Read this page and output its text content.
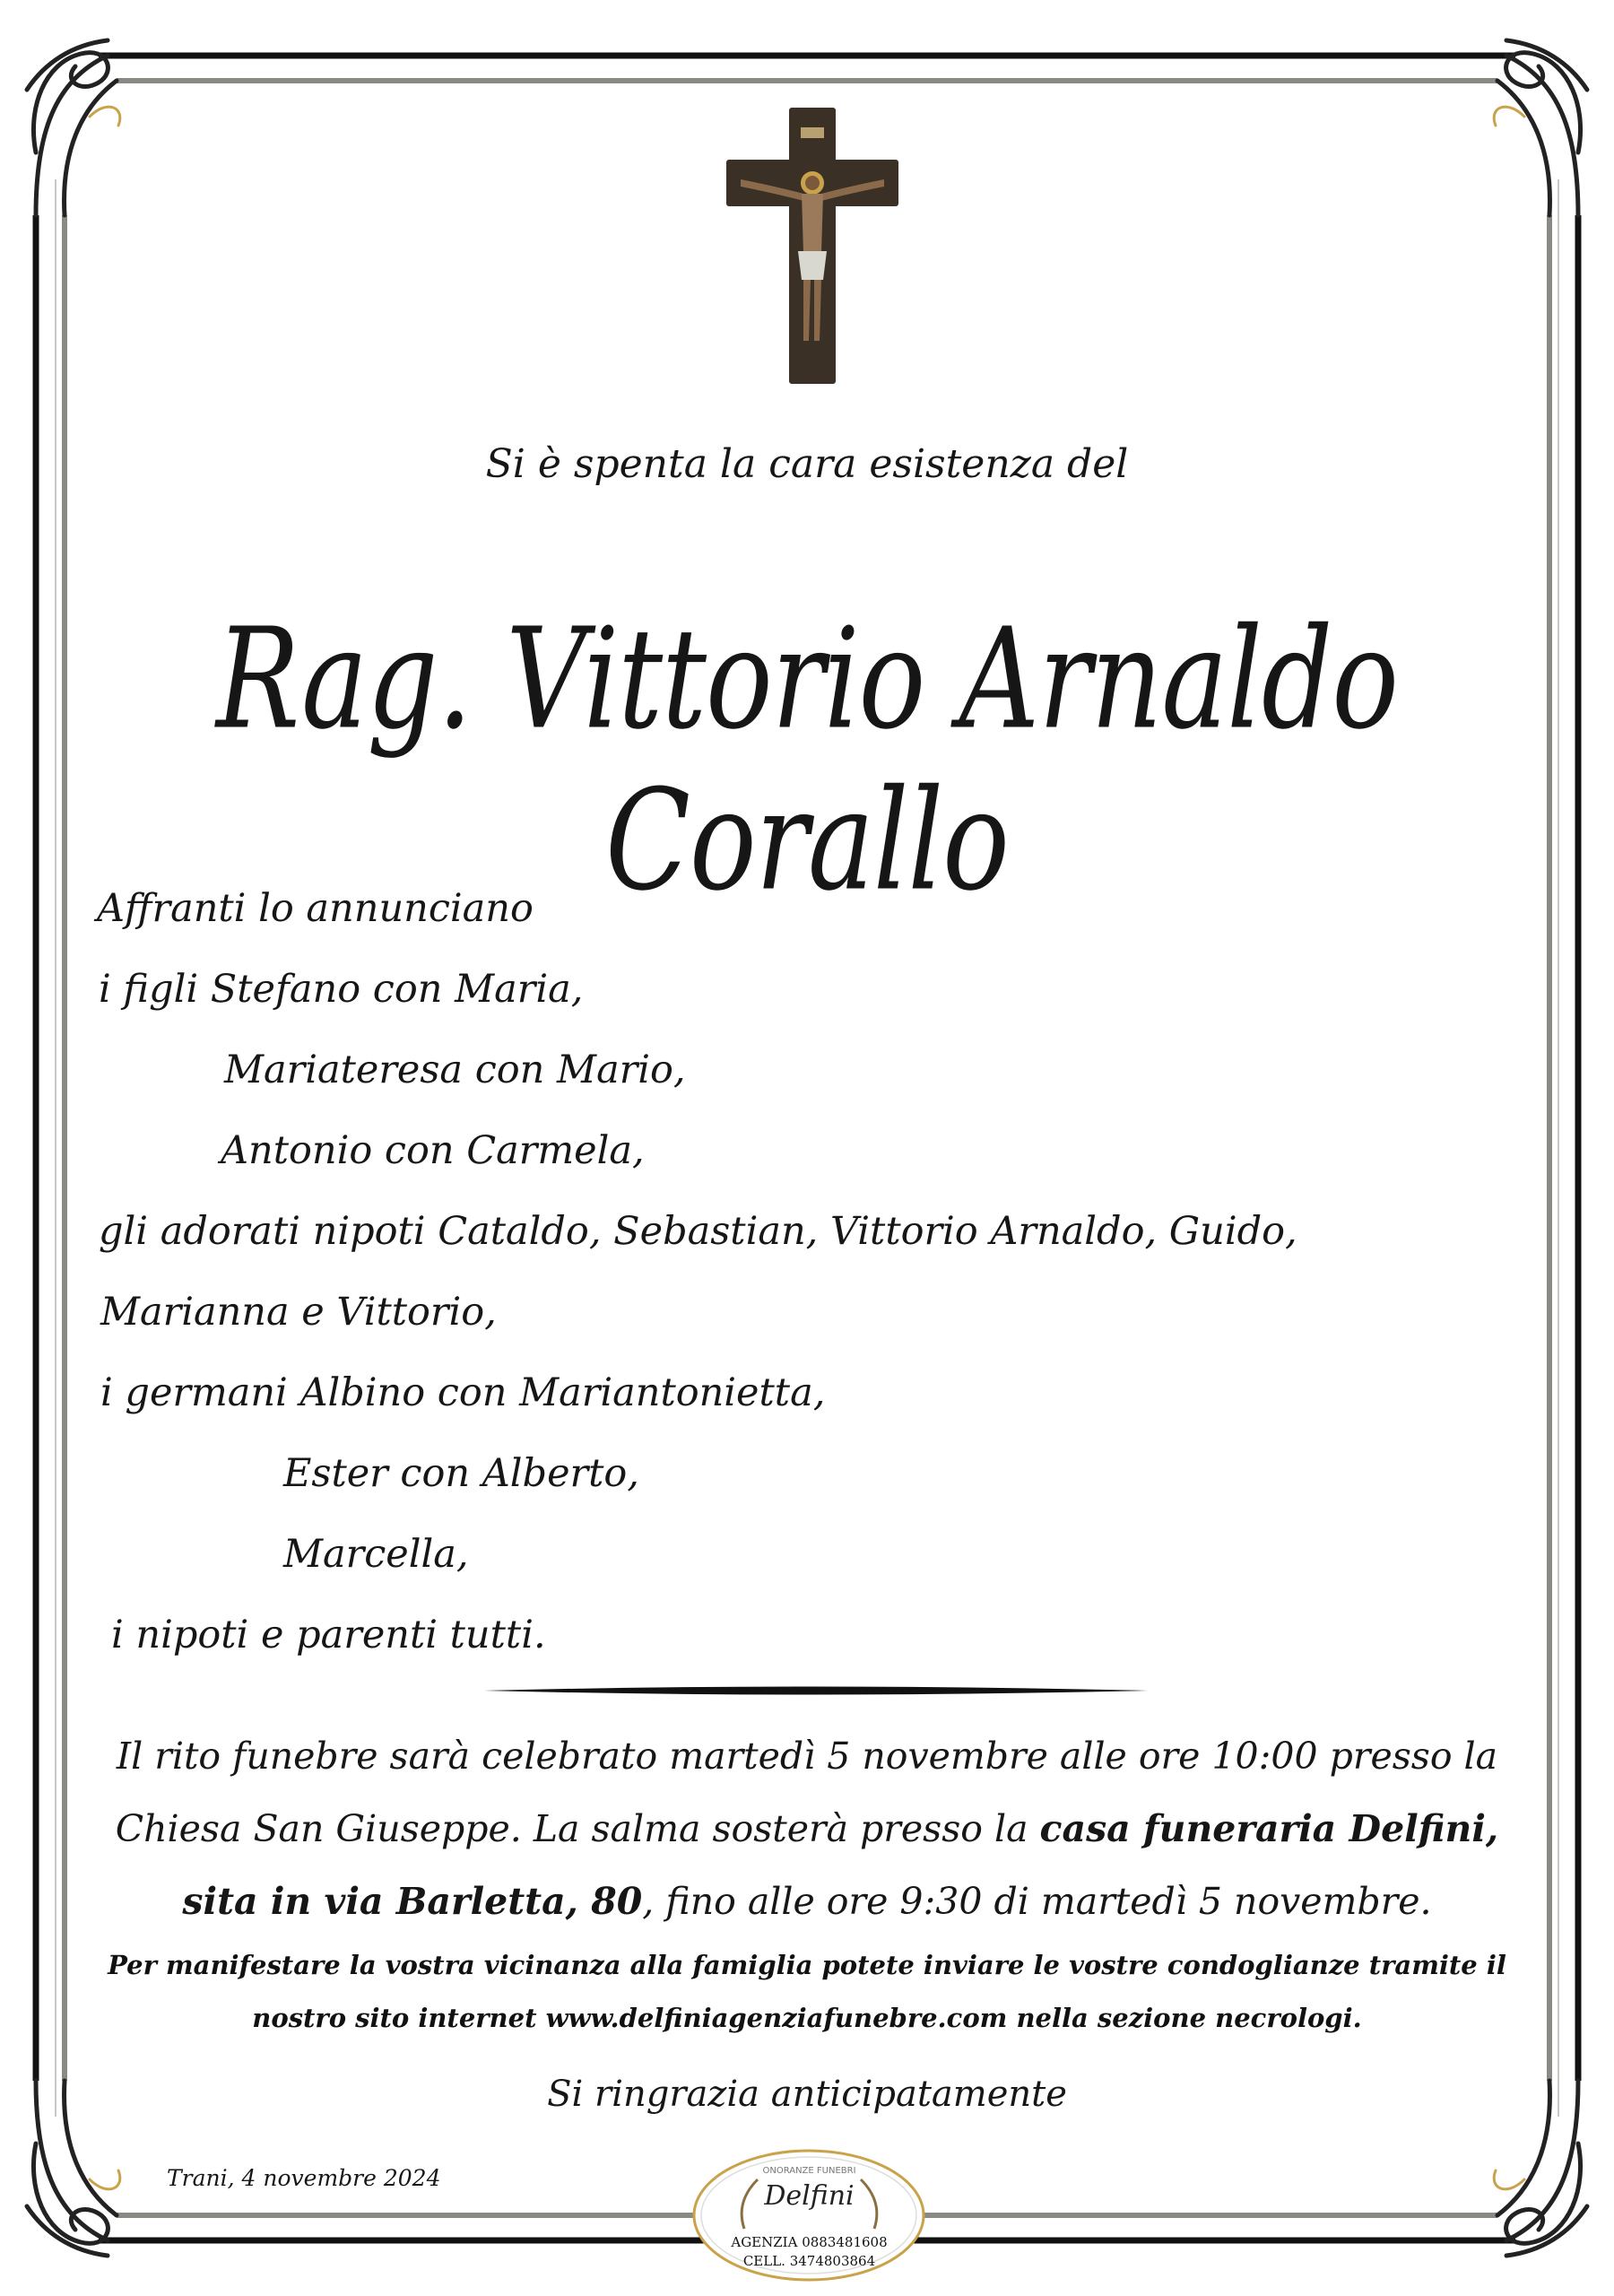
Si è spenta la cara esistenza del
Rag. Vittorio Arnaldo Corallo
Affranti lo annunciano
i figli Stefano con Maria,
Mariateresa con Mario,
Antonio con Carmela,
gli adorati nipoti Cataldo, Sebastian, Vittorio Arnaldo, Guido,
Marianna e Vittorio,
i germani Albino con Mariantonietta,
Ester con Alberto,
Marcella,
i nipoti e parenti tutti.
Il rito funebre sarà celebrato martedì 5 novembre alle ore 10:00 presso la Chiesa San Giuseppe. La salma sosterà presso la casa funeraria Delfini, sita in via Barletta, 80, fino alle ore 9:30 di martedì 5 novembre.
Per manifestare la vostra vicinanza alla famiglia potete inviare le vostre condoglianze tramite il nostro sito internet www.delfiniagenziafunebre.com nella sezione necrologi.
Si ringrazia anticipatamente
Trani, 4 novembre 2024	ONORANZE FUNEBRI
Delfini
AGENZIA 0883481608
CELL. 3474803864
